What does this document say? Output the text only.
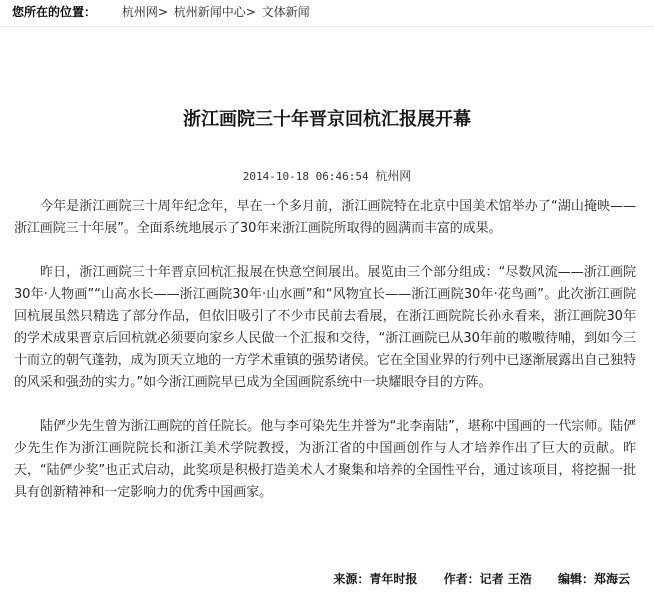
您所在的位置： 杭州网> 杭州新闻中心> 文体新闻
浙江画院三十年晋京回杭汇报展开幕
2014-10-18 06:46:54 杭州网

今年是浙江画院三十周年纪念年，早在一个多月前，浙江画院特在北京中国美术馆举办了“湖山掩映——浙江画院三十年展”。全面系统地展示了30年来浙江画院所取得的圆满而丰富的成果。

昨日，浙江画院三十年晋京回杭汇报展在快意空间展出。展览由三个部分组成：“尽数风流——浙江画院30年·人物画”“山高水长——浙江画院30年·山水画”和“风物宜长——浙江画院30年·花鸟画”。此次浙江画院回杭展虽然只精选了部分作品，但依旧吸引了不少市民前去看展，在浙江画院院长孙永看来，浙江画院30年的学术成果晋京后回杭就必须要向家乡人民做一个汇报和交待，“浙江画院已从30年前的嗷嗷待哺，到如今三十而立的朝气蓬勃，成为顶天立地的一方学术重镇的强势诸侯。它在全国业界的行列中已逐渐展露出自己独特的风采和强劲的实力。”如今浙江画院早已成为全国画院系统中一块耀眼夺目的方阵。

陆俨少先生曾为浙江画院的首任院长。他与李可染先生并誉为“北李南陆”，堪称中国画的一代宗师。陆俨少先生作为浙江画院院长和浙江美术学院教授，为浙江省的中国画创作与人才培养作出了巨大的贡献。昨天，“陆俨少奖”也正式启动，此奖项是积极打造美术人才聚集和培养的全国性平台，通过该项目，将挖掘一批具有创新精神和一定影响力的优秀中国画家。

来源：青年时报 作者：记者 王浩 编辑：郑海云
